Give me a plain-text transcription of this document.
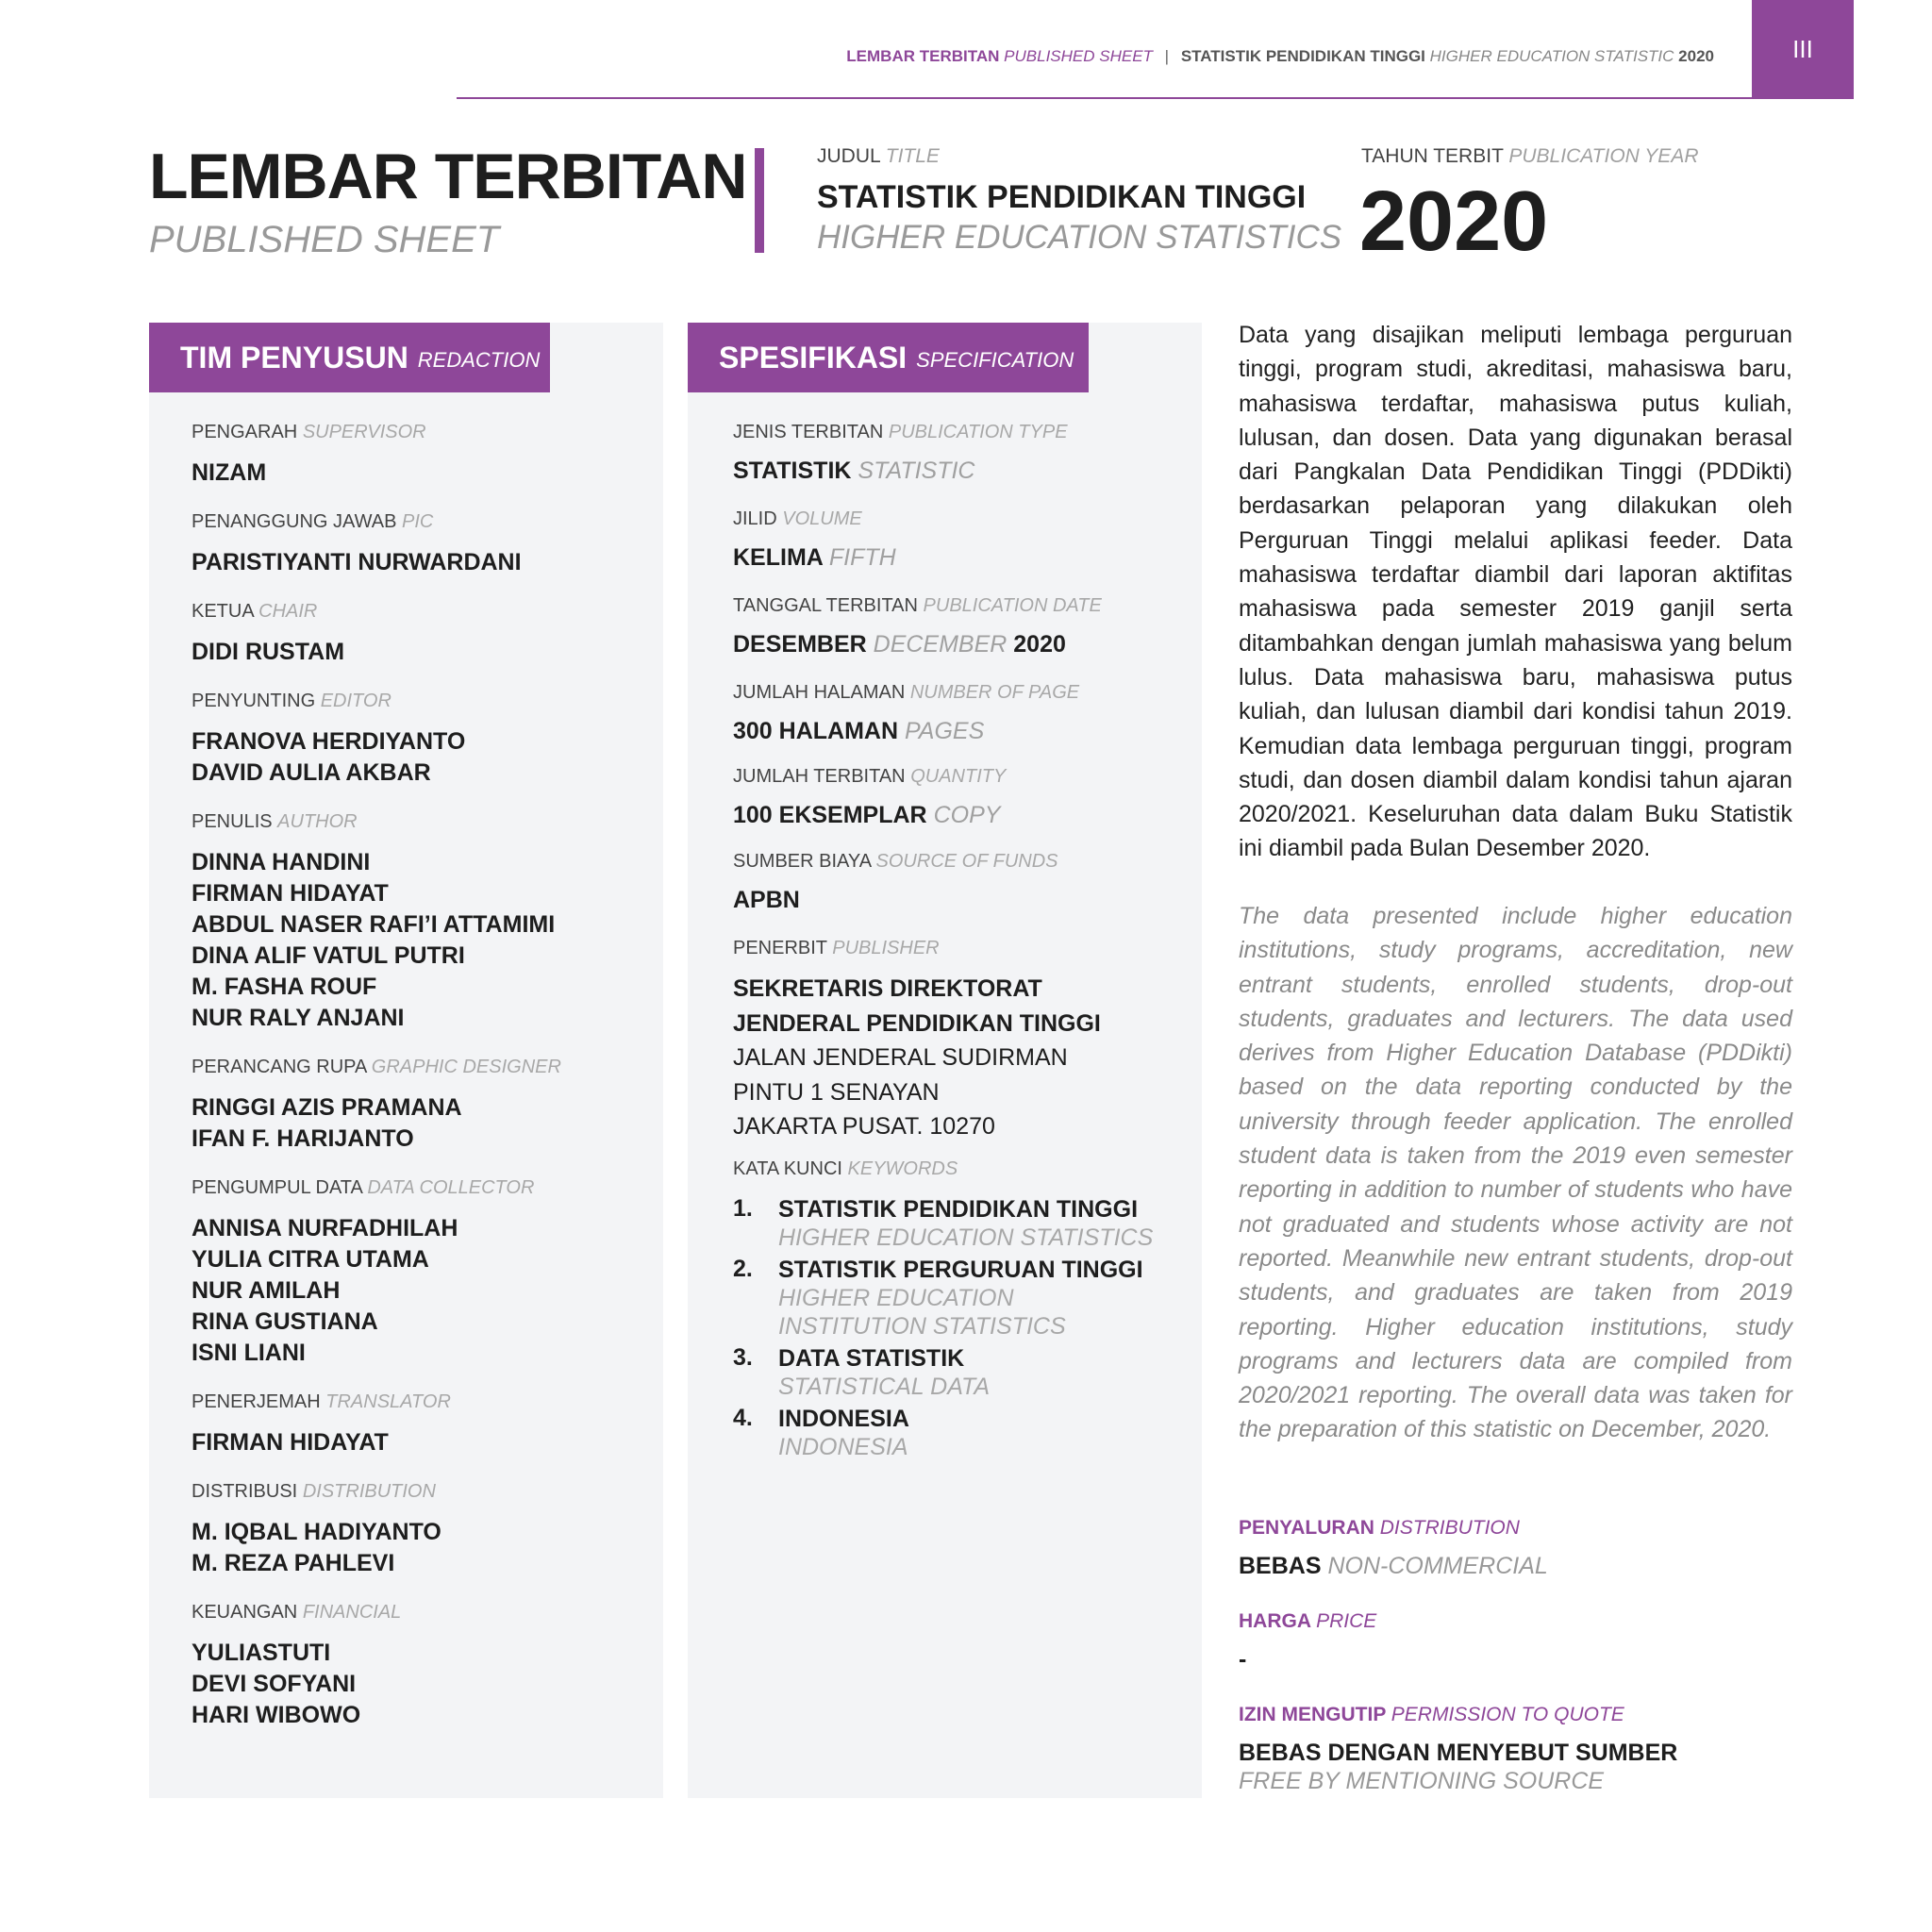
LEMBAR TERBITAN PUBLISHED SHEET | STATISTIK PENDIDIKAN TINGGI HIGHER EDUCATION STATISTIC 2020	III
LEMBAR TERBITAN
PUBLISHED SHEET
JUDUL TITLE
STATISTIK PENDIDIKAN TINGGI
HIGHER EDUCATION STATISTICS
TAHUN TERBIT PUBLICATION YEAR
2020
TIM PENYUSUN REDACTION
PENGARAH SUPERVISOR
NIZAM
PENANGGUNG JAWAB PIC
PARISTIYANTI NURWARDANI
KETUA CHAIR
DIDI RUSTAM
PENYUNTING EDITOR
FRANOVA HERDIYANTO
DAVID AULIA AKBAR
PENULIS AUTHOR
DINNA HANDINI
FIRMAN HIDAYAT
ABDUL NASER RAFI’I ATTAMIMI
DINA ALIF VATUL PUTRI
M. FASHA ROUF
NUR RALY ANJANI
PERANCANG RUPA GRAPHIC DESIGNER
RINGGI AZIS PRAMANA
IFAN F. HARIJANTO
PENGUMPUL DATA DATA COLLECTOR
ANNISA NURFADHILAH
YULIA CITRA UTAMA
NUR AMILAH
RINA GUSTIANA
ISNI LIANI
PENERJEMAH TRANSLATOR
FIRMAN HIDAYAT
DISTRIBUSI DISTRIBUTION
M. IQBAL HADIYANTO
M. REZA PAHLEVI
KEUANGAN FINANCIAL
YULIASTUTI
DEVI SOFYANI
HARI WIBOWO
SPESIFIKASI SPECIFICATION
JENIS TERBITAN PUBLICATION TYPE
STATISTIK STATISTIC
JILID VOLUME
KELIMA FIFTH
TANGGAL TERBITAN PUBLICATION DATE
DESEMBER DECEMBER 2020
JUMLAH HALAMAN NUMBER OF PAGE
300 HALAMAN PAGES
JUMLAH TERBITAN QUANTITY
100 EKSEMPLAR COPY
SUMBER BIAYA SOURCE OF FUNDS
APBN
PENERBIT PUBLISHER
SEKRETARIS DIREKTORAT
JENDERAL PENDIDIKAN TINGGI
JALAN JENDERAL SUDIRMAN
PINTU 1 SENAYAN
JAKARTA PUSAT. 10270
KATA KUNCI KEYWORDS
1.	STATISTIK PENDIDIKAN TINGGI
HIGHER EDUCATION STATISTICS
2.	STATISTIK PERGURUAN TINGGI
HIGHER EDUCATION INSTITUTION STATISTICS
3.	DATA STATISTIK
STATISTICAL DATA
4.	INDONESIA
INDONESIA

Data yang disajikan meliputi lembaga perguruan tinggi, program studi, akreditasi, mahasiswa baru, mahasiswa terdaftar, mahasiswa putus kuliah, lulusan, dan dosen. Data yang digunakan berasal dari Pangkalan Data Pendidikan Tinggi (PDDikti) berdasarkan pelaporan yang dilakukan oleh Perguruan Tinggi melalui aplikasi feeder. Data mahasiswa terdaftar diambil dari laporan aktifitas mahasiswa pada semester 2019 ganjil serta ditambahkan dengan jumlah mahasiswa yang belum lulus. Data mahasiswa baru, mahasiswa putus kuliah, dan lulusan diambil dari kondisi tahun 2019. Kemudian data lembaga perguruan tinggi, program studi, dan dosen diambil dalam kondisi tahun ajaran 2020/2021. Keseluruhan data dalam Buku Statistik ini diambil pada Bulan Desember 2020.

The data presented include higher education institutions, study programs, accreditation, new entrant students, enrolled students, drop-out students, graduates and lecturers. The data used derives from Higher Education Database (PDDikti) based on the data reporting conducted by the university through feeder application. The enrolled student data is taken from the 2019 even semester reporting in addition to number of students who have not graduated and students whose activity are not reported. Meanwhile new entrant students, drop-out students, and graduates are taken from 2019 reporting. Higher education institutions, study programs and lecturers data are compiled from 2020/2021 reporting. The overall data was taken for the preparation of this statistic on December, 2020.

PENYALURAN DISTRIBUTION
BEBAS NON-COMMERCIAL
HARGA PRICE
-
IZIN MENGUTIP PERMISSION TO QUOTE
BEBAS DENGAN MENYEBUT SUMBER
FREE BY MENTIONING SOURCE
